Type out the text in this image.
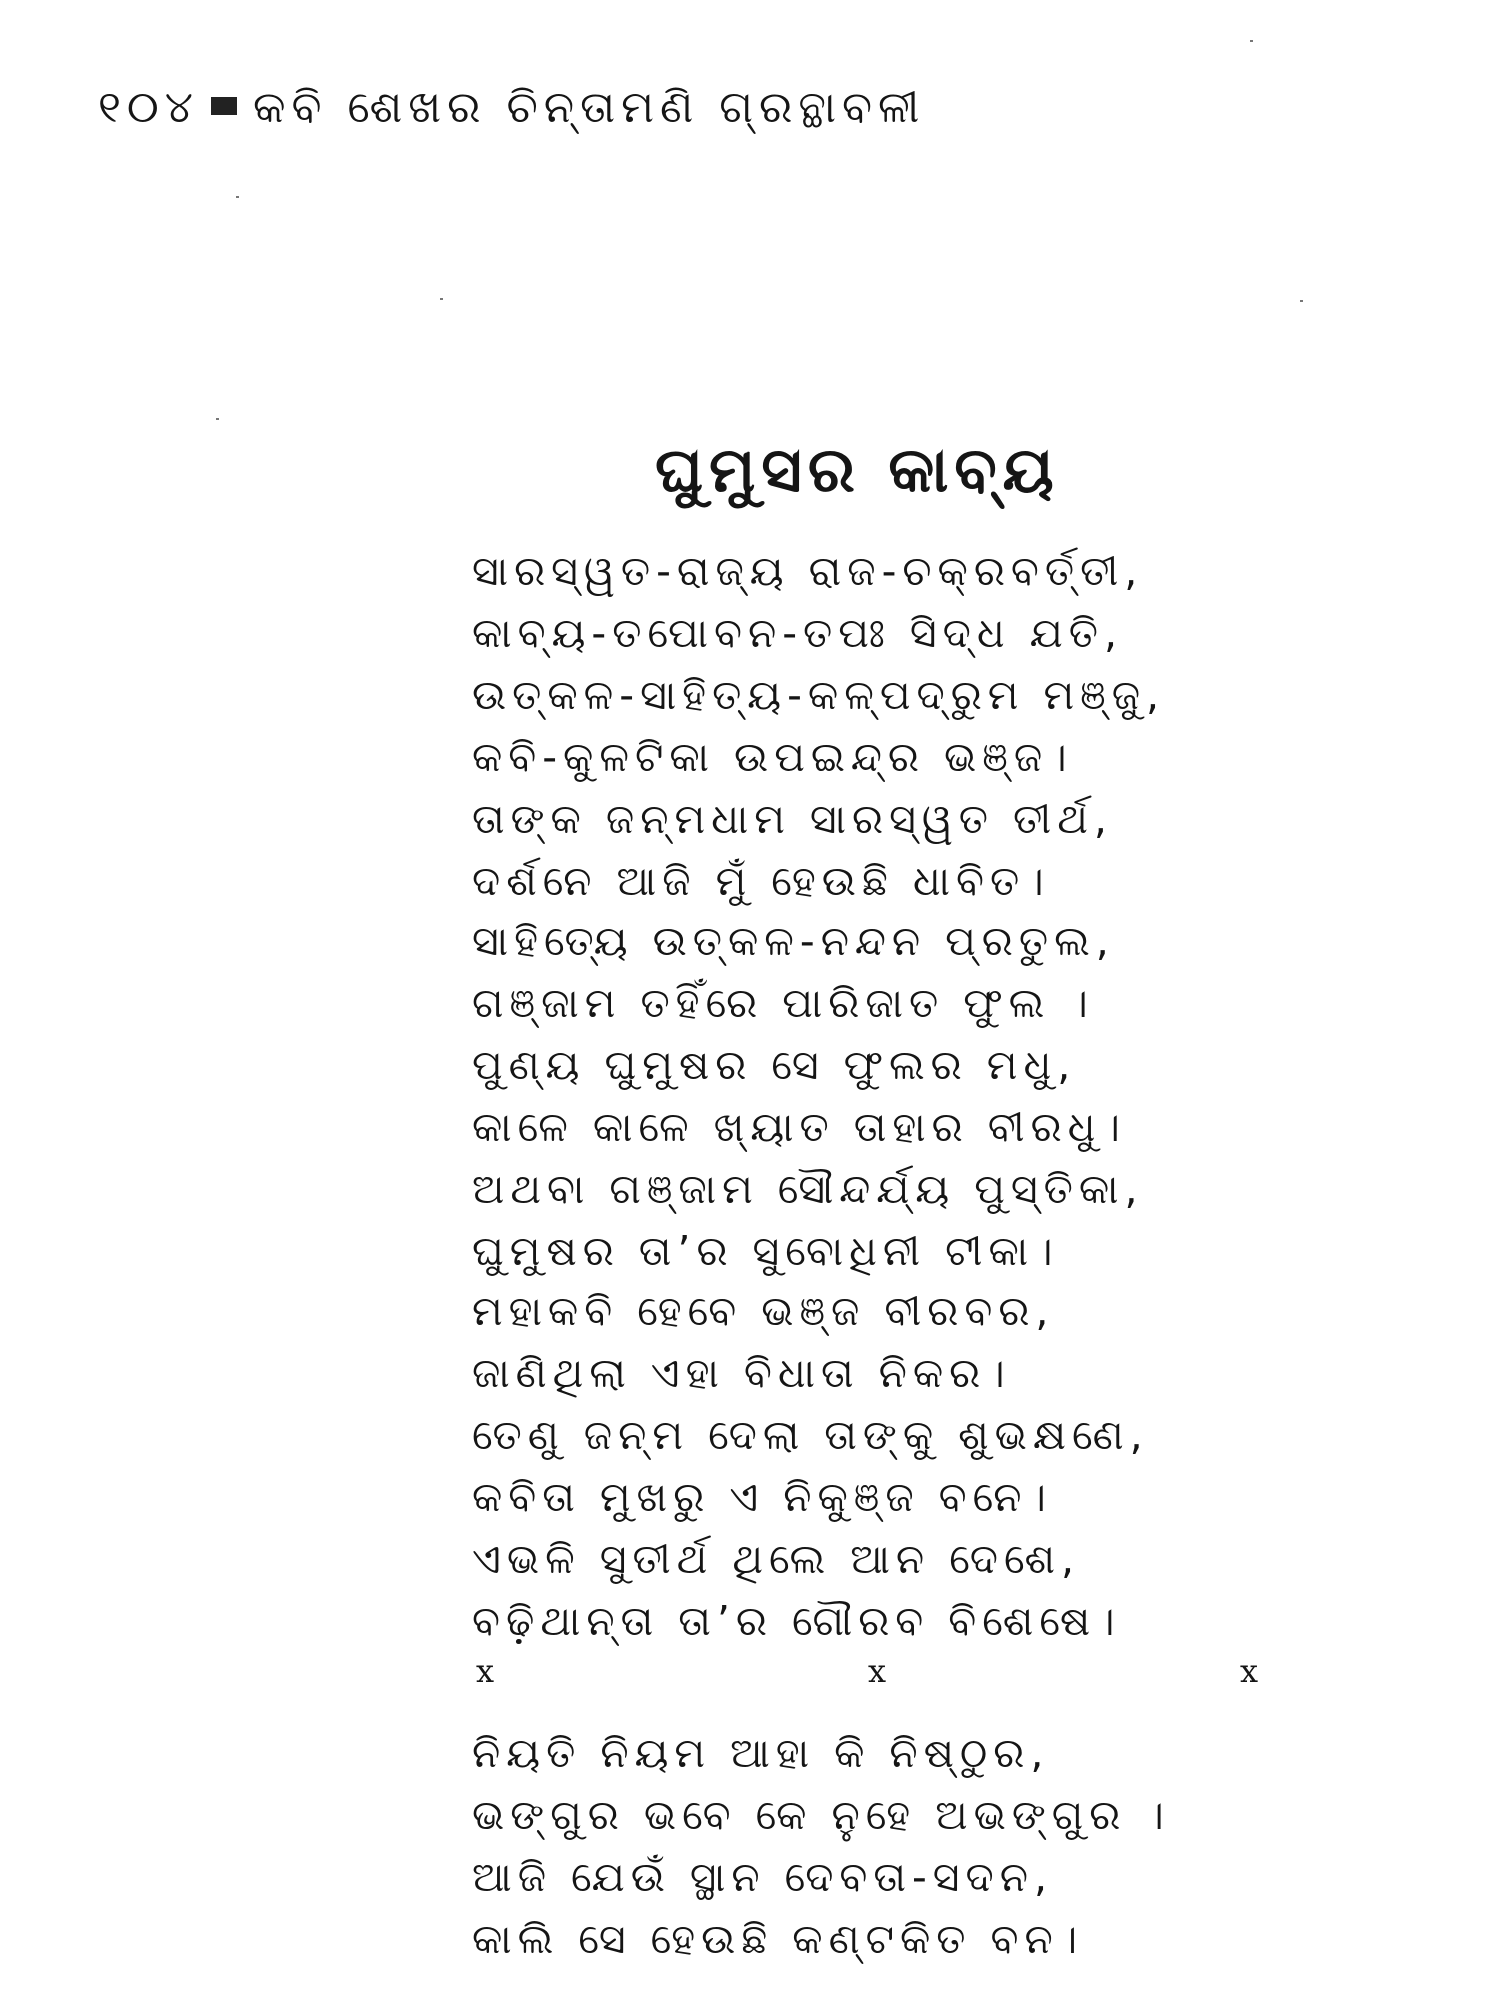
୧୦୪ କବି ଶେଖର ଚିନ୍ତାମଣି ଗ୍ରନ୍ଥାବଳୀ
ଘୁମୁସର କାବ୍ୟ
ସାରସ୍ୱତ-ରାଜ୍ୟ ରାଜ-ଚକ୍ରବର୍ତ୍ତୀ,
କାବ୍ୟ-ତପୋବନ-ତପଃ ସିଦ୍ଧ ଯତି,
ଉତ୍କଳ-ସାହିତ୍ୟ-କଳ୍ପଦ୍ରୁମ ମଞ୍ଜୁ,
କବି-କୁଳଟିକା ଉପଇନ୍ଦ୍ର ଭଞ୍ଜ।
ତାଙ୍କ ଜନ୍ମଧାମ ସାରସ୍ୱତ ତୀର୍ଥ,
ଦର୍ଶନେ ଆଜି ମୁଁ ହେଉଛି ଧାବିତ।
ସାହିତ୍ୟେ ଉତ୍କଳ-ନନ୍ଦନ ପ୍ରତୁଲ,
ଗଞ୍ଜାମ ତହିଁରେ ପାରିଜାତ ଫୁଲ ।
ପୁଣ୍ୟ ଘୁମୁଷର ସେ ଫୁଲର ମଧୁ,
କାଳେ କାଳେ ଖ୍ୟାତ ତାହାର ବୀରଧୁ।
ଅଥବା ଗଞ୍ଜାମ ସୌନ୍ଦର୍ଯ୍ୟ ପୁସ୍ତିକା,
ଘୁମୁଷର ତା’ର ସୁବୋଧିନୀ ଟୀକା।
ମହାକବି ହେବେ ଭଞ୍ଜ ବୀରବର,
ଜାଣିଥିଲା ଏହା ବିଧାତା ନିକର।
ତେଣୁ ଜନ୍ମ ଦେଲା ତାଙ୍କୁ ଶୁଭକ୍ଷଣେ,
କବିତା ମୁଖରୁ ଏ ନିକୁଞ୍ଜ ବନେ।
ଏଭଳି ସୁତୀର୍ଥ ଥିଲେ ଆନ ଦେଶେ,
ବଢ଼ିଥାନ୍ତା ତା’ର ଗୌରବ ବିଶେଷେ।
x	x	x
ନିୟତି ନିୟମ ଆହା କି ନିଷ୍ଠୁର,
ଭଙ୍ଗୁର ଭବେ କେ ନୁହେ ଅଭଙ୍ଗୁର ।
ଆଜି ଯେଉଁ ସ୍ଥାନ ଦେବତା-ସଦନ,
କାଲି ସେ ହେଉଛି କଣ୍ଟକିତ ବନ।
